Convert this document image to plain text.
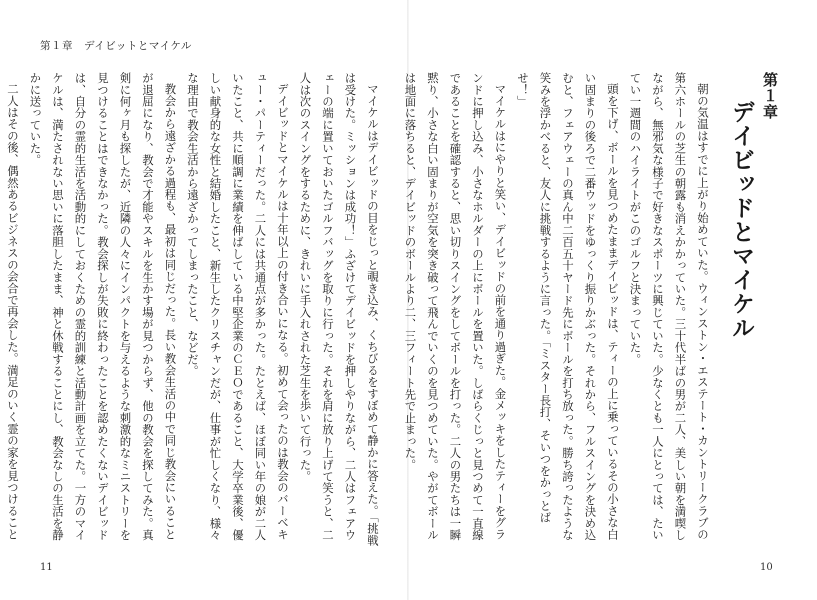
第１章　デイビットとマイケル

マイケルはデイビッドの目をじっと覗き込み、くちびるをすぼめて静かに答えた。「挑戦は受けた。ミッションは成功！」ふざけてデイビッドを押しやりながら、二人はフェアウェーの端に置いておいたゴルフバッグを取りに行った。それを肩に放り上げて笑うと、二人は次のスイングをするために、きれいに手入れされた芝生を歩いて行った。

デイビッドとマイケルは十年以上の付き合いになる。初めて会ったのは教会のバーベキュー・パーティーだった。二人には共通点が多かった。たとえば、ほぼ同い年の娘が二人いたこと、共に順調に業績を伸ばしている中堅企業のＣＥＯであること、大学卒業後、優しい献身的な女性と結婚したこと、新生したクリスチャンだが、仕事が忙しくなり、様々な理由で教会生活から遠ざかってしまったこと、などだ。

教会から遠ざかる過程も、最初は同じだった。長い教会生活の中で同じ教会にいることが退屈になり、教会で才能やスキルを生かす場が見つからず、他の教会を探してみた。真剣に何ヶ月も探したが、近隣の人々にインパクトを与えるような刺激的なミニストリーを見つけることはできなかった。教会探しが失敗に終わったことを認めたくないデイビッドは、自分の霊的生活を活動的にしておくための霊的訓練と活動計画を立てた。一方のマイケルは、満たされない思いに落胆したまま、神と休戦することにし、教会なしの生活を静かに送っていた。

二人はその後、偶然あるビジネスの会合で再会した。満足のいく霊の家を見つけること	朝の気温はすでに上がり始めていた。ウィンストン・エステート・カントリークラブの第六ホールの芝生の朝露も消えかかっていた。三十代半ばの男が二人、美しい朝を満喫しながら、無邪気な様子で好きなスポーツに興じていた。少なくとも一人にとっては、たいてい一週間のハイライトがこのゴルフと決まっていた。

頭を下げ、ボールを見つめたままデイビッドは、ティーの上に乗っているその小さな白い固まりの後ろで二番ウッドをゆっくり振りかぶった。それから、フルスイングを決め込むと、フェアウェーの真ん中二百五十ヤード先にボールを打ち放った。勝ち誇ったような笑みを浮かべると、友人に挑戦するように言った。「ミスター長打、そいつをかっとばせ！」

マイケルはにやりと笑い、デイビッドの前を通り過ぎた。金メッキをしたティーをグランドに押し込み、小さなホルダーの上にボールを置いた。しばらくじっと見つめて一直線であることを確認すると、思い切りスイングをしてボールを打った。二人の男たちは一瞬黙り、小さな白い固まりが空気を突き破って飛んでいくのを見つめていた。やがてボールは地面に落ちると、デイビッドのボールより二、三フィート先で止まった。	第１章
デイビッドとマイケル
11	10
